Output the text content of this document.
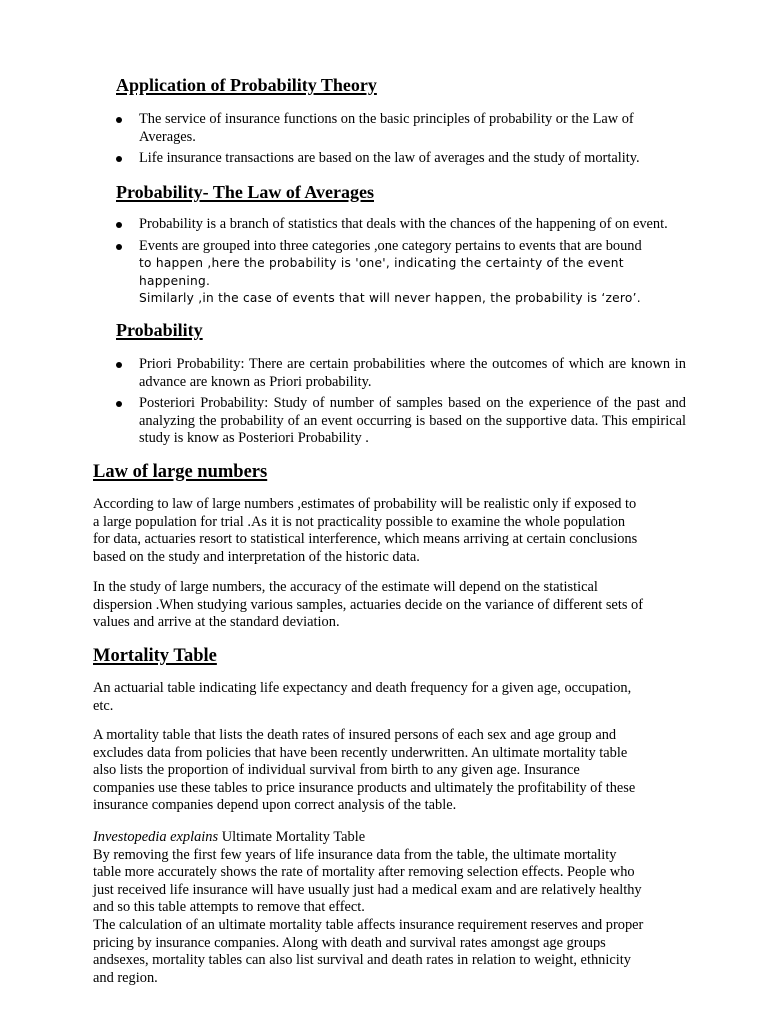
Application of Probability Theory
The service of insurance functions on the basic principles of probability or the Law of Averages.
Life insurance transactions are based on the law of averages and the study of mortality.
Probability- The Law of Averages
Probability is a branch of statistics that deals with the chances of the happening of on event.
Events are grouped into three categories ,one category pertains to events that are bound
to happen ,here the probability is 'one', indicating the certainty of the event happening.
Similarly ,in the case of events that will never happen, the probability is ‘zero’.
Probability
Priori Probability: There are certain probabilities where the outcomes of which are known in advance are known as Priori probability.
Posteriori Probability: Study of number of samples based on the experience of the past and analyzing the probability of an event occurring is based on the supportive data. This empirical study is know as Posteriori Probability .
Law of large numbers

According to law of large numbers ,estimates of probability will be realistic only if exposed to
a large population for trial .As it is not practicality possible to examine the whole population
for data, actuaries resort to statistical interference, which means arriving at certain conclusions
based on the study and interpretation of the historic data.

In the study of large numbers, the accuracy of the estimate will depend on the statistical
dispersion .When studying various samples, actuaries decide on the variance of different sets of
values and arrive at the standard deviation.

Mortality Table

An actuarial table indicating life expectancy and death frequency for a given age, occupation,
etc.

A mortality table that lists the death rates of insured persons of each sex and age group and
excludes data from policies that have been recently underwritten. An ultimate mortality table
also lists the proportion of individual survival from birth to any given age. Insurance
companies use these tables to price insurance products and ultimately the profitability of these
insurance companies depend upon correct analysis of the table.

Investopedia explains Ultimate Mortality Table
By removing the first few years of life insurance data from the table, the ultimate mortality
table more accurately shows the rate of mortality after removing selection effects. People who
just received life insurance will have usually just had a medical exam and are relatively healthy
and so this table attempts to remove that effect.
The calculation of an ultimate mortality table affects insurance requirement reserves and proper
pricing by insurance companies. Along with death and survival rates amongst age groups
andsexes, mortality tables can also list survival and death rates in relation to weight, ethnicity
and region.
